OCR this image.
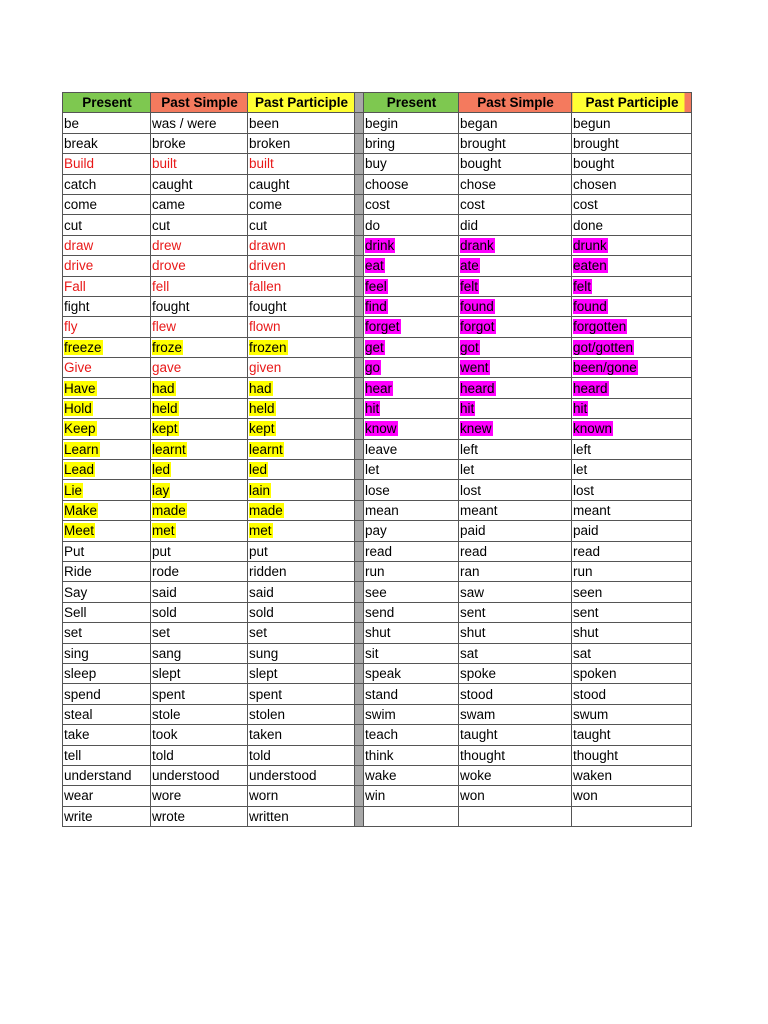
Present	Past Simple	Past Participle		Present	Past Simple	Past Participle
be	was / were	been		begin	began	begun
break	broke	broken		bring	brought	brought
Build	built	built		buy	bought	bought
catch	caught	caught		choose	chose	chosen
come	came	come		cost	cost	cost
cut	cut	cut		do	did	done
draw	drew	drawn		drink	drank	drunk
drive	drove	driven		eat	ate	eaten
Fall	fell	fallen		feel	felt	felt
fight	fought	fought		find	found	found
fly	flew	flown		forget	forgot	forgotten
freeze	froze	frozen		get	got	got/gotten
Give	gave	given		go	went	been/gone
Have	had	had		hear	heard	heard
Hold	held	held		hit	hit	hit
Keep	kept	kept		know	knew	known
Learn	learnt	learnt		leave	left	left
Lead	led	led		let	let	let
Lie	lay	lain		lose	lost	lost
Make	made	made		mean	meant	meant
Meet	met	met		pay	paid	paid
Put	put	put		read	read	read
Ride	rode	ridden		run	ran	run
Say	said	said		see	saw	seen
Sell	sold	sold		send	sent	sent
set	set	set		shut	shut	shut
sing	sang	sung		sit	sat	sat
sleep	slept	slept		speak	spoke	spoken
spend	spent	spent		stand	stood	stood
steal	stole	stolen		swim	swam	swum
take	took	taken		teach	taught	taught
tell	told	told		think	thought	thought
understand	understood	understood		wake	woke	waken
wear	wore	worn		win	won	won
write	wrote	written				
